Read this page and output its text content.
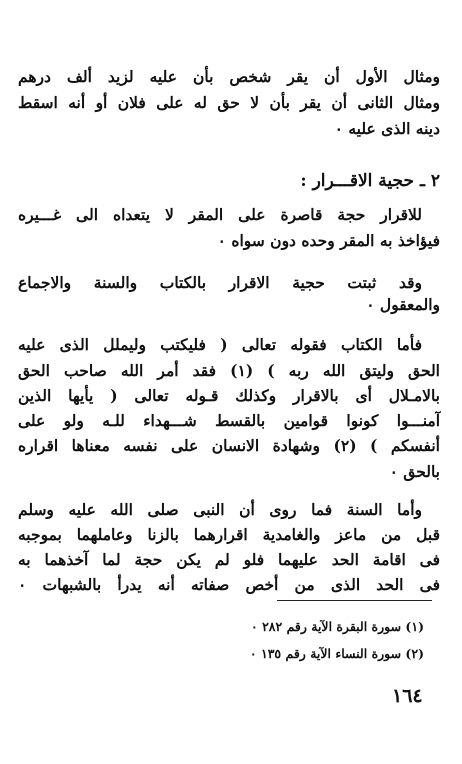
ومثال الأول أن يقر شخص بأن عليه لزيد ألف درهم
ومثال الثانى أن يقر بأن لا حق له على فلان أو أنه اسقط
دينه الذى عليه ٠
٢ ـ حجية الاقـــرار :
للاقرار حجة قاصرة على المقر لا يتعداه الى غـــيره
فيؤاخذ به المقر وحده دون سواه ٠
وقد ثبتت حجية الاقرار بالكتاب والسنة والاجماع
والمعقول ٠
فأما الكتاب فقوله تعالى ( فليكتب وليملل الذى عليه
الحق وليتق الله ربه ) (١) فقد أمر الله صاحب الحق
بالامـلال أى بالاقرار وكذلك قـوله تعالى ( يأيها الذين
آمنـــوا كونوا قوامين بالقسط شـــهداء للـه ولو على
أنفسكم ) (٢) وشهادة الانسان على نفسه معناها اقراره
بالحق ٠
وأما السنة فما روى أن النبى صلى الله عليه وسلم
قبل من ماعز والغامدية اقرارهما بالزنا وعاملهما بموجبه
فى اقامة الحد عليهما فلو لم يكن حجة لما آخذهما به
فى الحد الذى من أخص صفاته أنه يدرأ بالشبهات ٠
(١) سورة البقرة الآية رقم ٢٨٢ ٠
(٢) سورة النساء الآية رقم ١٣٥ ٠
١٦٤
